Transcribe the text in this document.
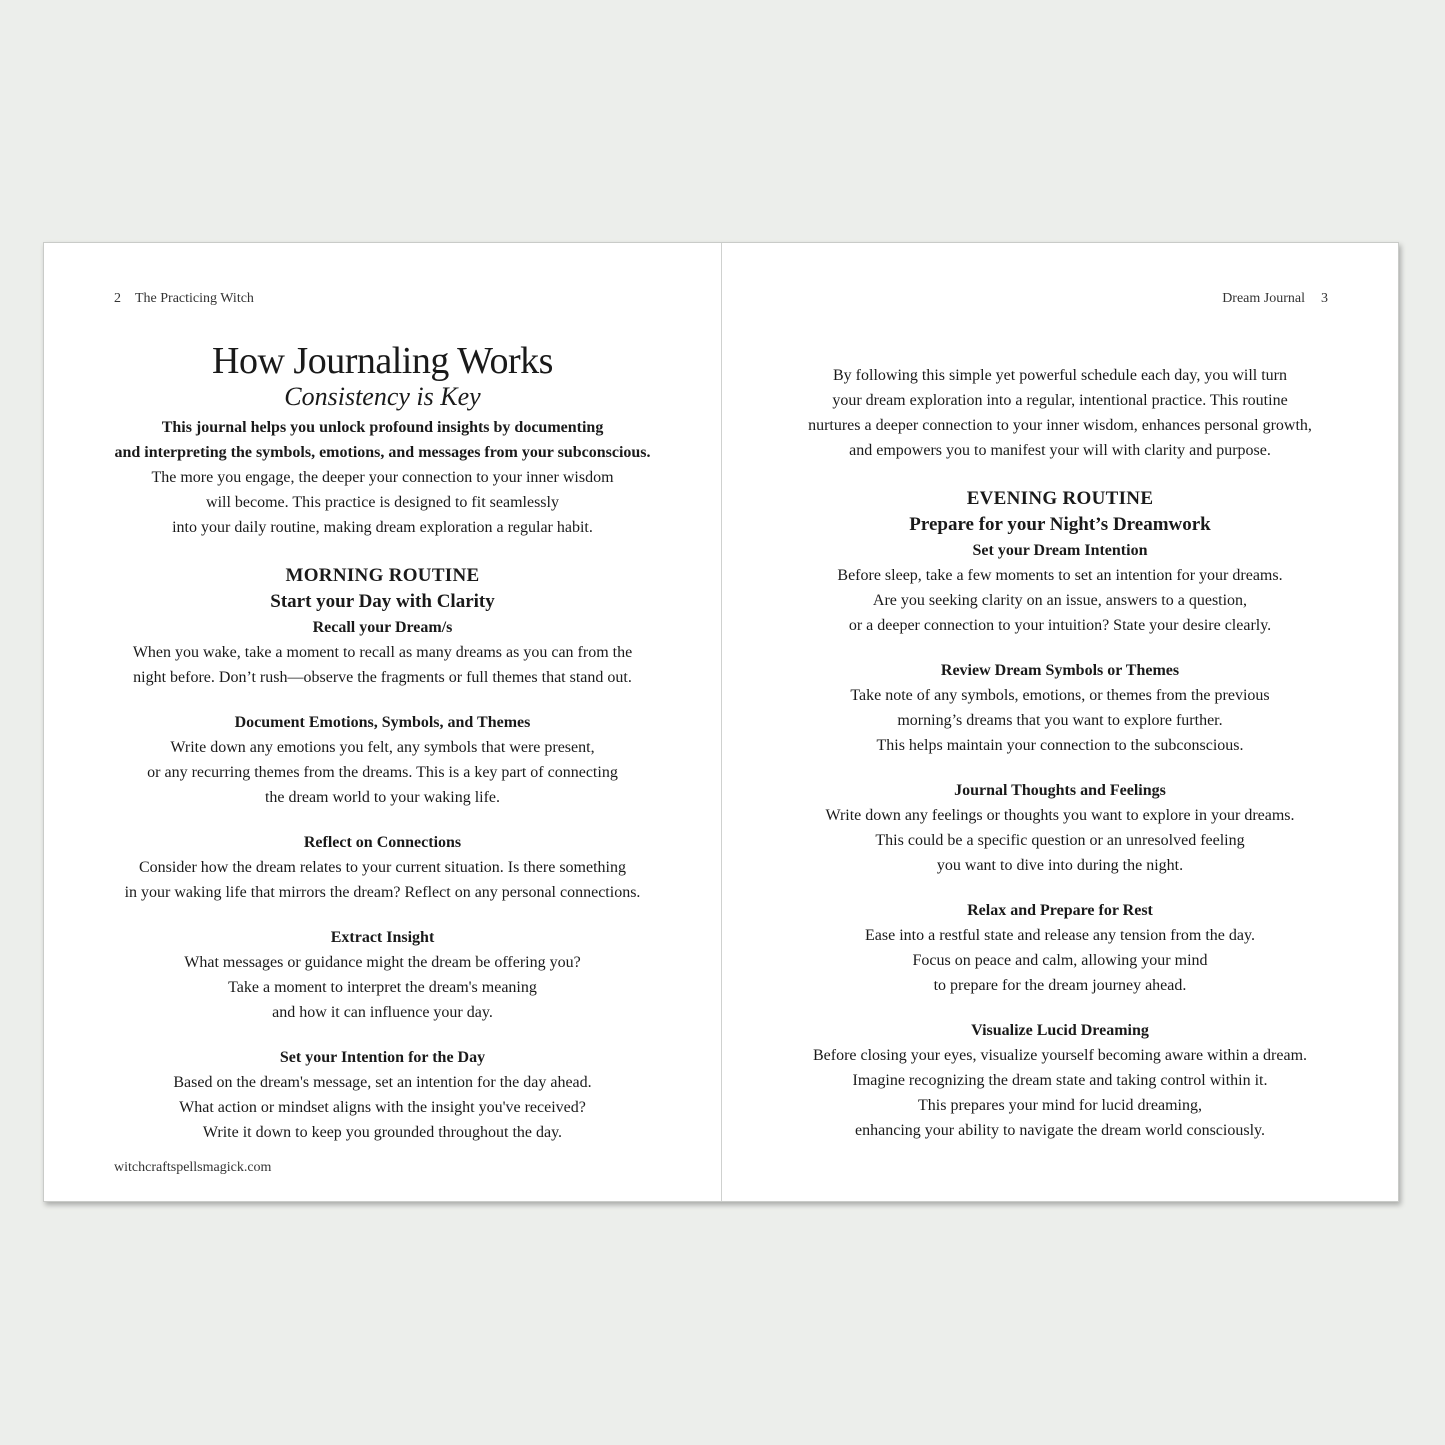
2 The Practicing Witch
How Journaling Works

Consistency is Key

This journal helps you unlock profound insights by documenting

and interpreting the symbols, emotions, and messages from your subconscious.

The more you engage, the deeper your connection to your inner wisdom

will become. This practice is designed to fit seamlessly

into your daily routine, making dream exploration a regular habit.

MORNING ROUTINE

Start your Day with Clarity

Recall your Dream/s

When you wake, take a moment to recall as many dreams as you can from the

night before. Don’t rush—observe the fragments or full themes that stand out.

Document Emotions, Symbols, and Themes

Write down any emotions you felt, any symbols that were present,

or any recurring themes from the dreams. This is a key part of connecting

the dream world to your waking life.

Reflect on Connections

Consider how the dream relates to your current situation. Is there something

in your waking life that mirrors the dream? Reflect on any personal connections.

Extract Insight

What messages or guidance might the dream be offering you?

Take a moment to interpret the dream's meaning

and how it can influence your day.

Set your Intention for the Day

Based on the dream's message, set an intention for the day ahead.

What action or mindset aligns with the insight you've received?

Write it down to keep you grounded throughout the day.

witchcraftspellsmagick.com
Dream Journal 3

By following this simple yet powerful schedule each day, you will turn

your dream exploration into a regular, intentional practice. This routine

nurtures a deeper connection to your inner wisdom, enhances personal growth,

and empowers you to manifest your will with clarity and purpose.

EVENING ROUTINE

Prepare for your Night’s Dreamwork

Set your Dream Intention

Before sleep, take a few moments to set an intention for your dreams.

Are you seeking clarity on an issue, answers to a question,

or a deeper connection to your intuition? State your desire clearly.

Review Dream Symbols or Themes

Take note of any symbols, emotions, or themes from the previous

morning’s dreams that you want to explore further.

This helps maintain your connection to the subconscious.

Journal Thoughts and Feelings

Write down any feelings or thoughts you want to explore in your dreams.

This could be a specific question or an unresolved feeling

you want to dive into during the night.

Relax and Prepare for Rest

Ease into a restful state and release any tension from the day.

Focus on peace and calm, allowing your mind

to prepare for the dream journey ahead.

Visualize Lucid Dreaming

Before closing your eyes, visualize yourself becoming aware within a dream.

Imagine recognizing the dream state and taking control within it.

This prepares your mind for lucid dreaming,

enhancing your ability to navigate the dream world consciously.
